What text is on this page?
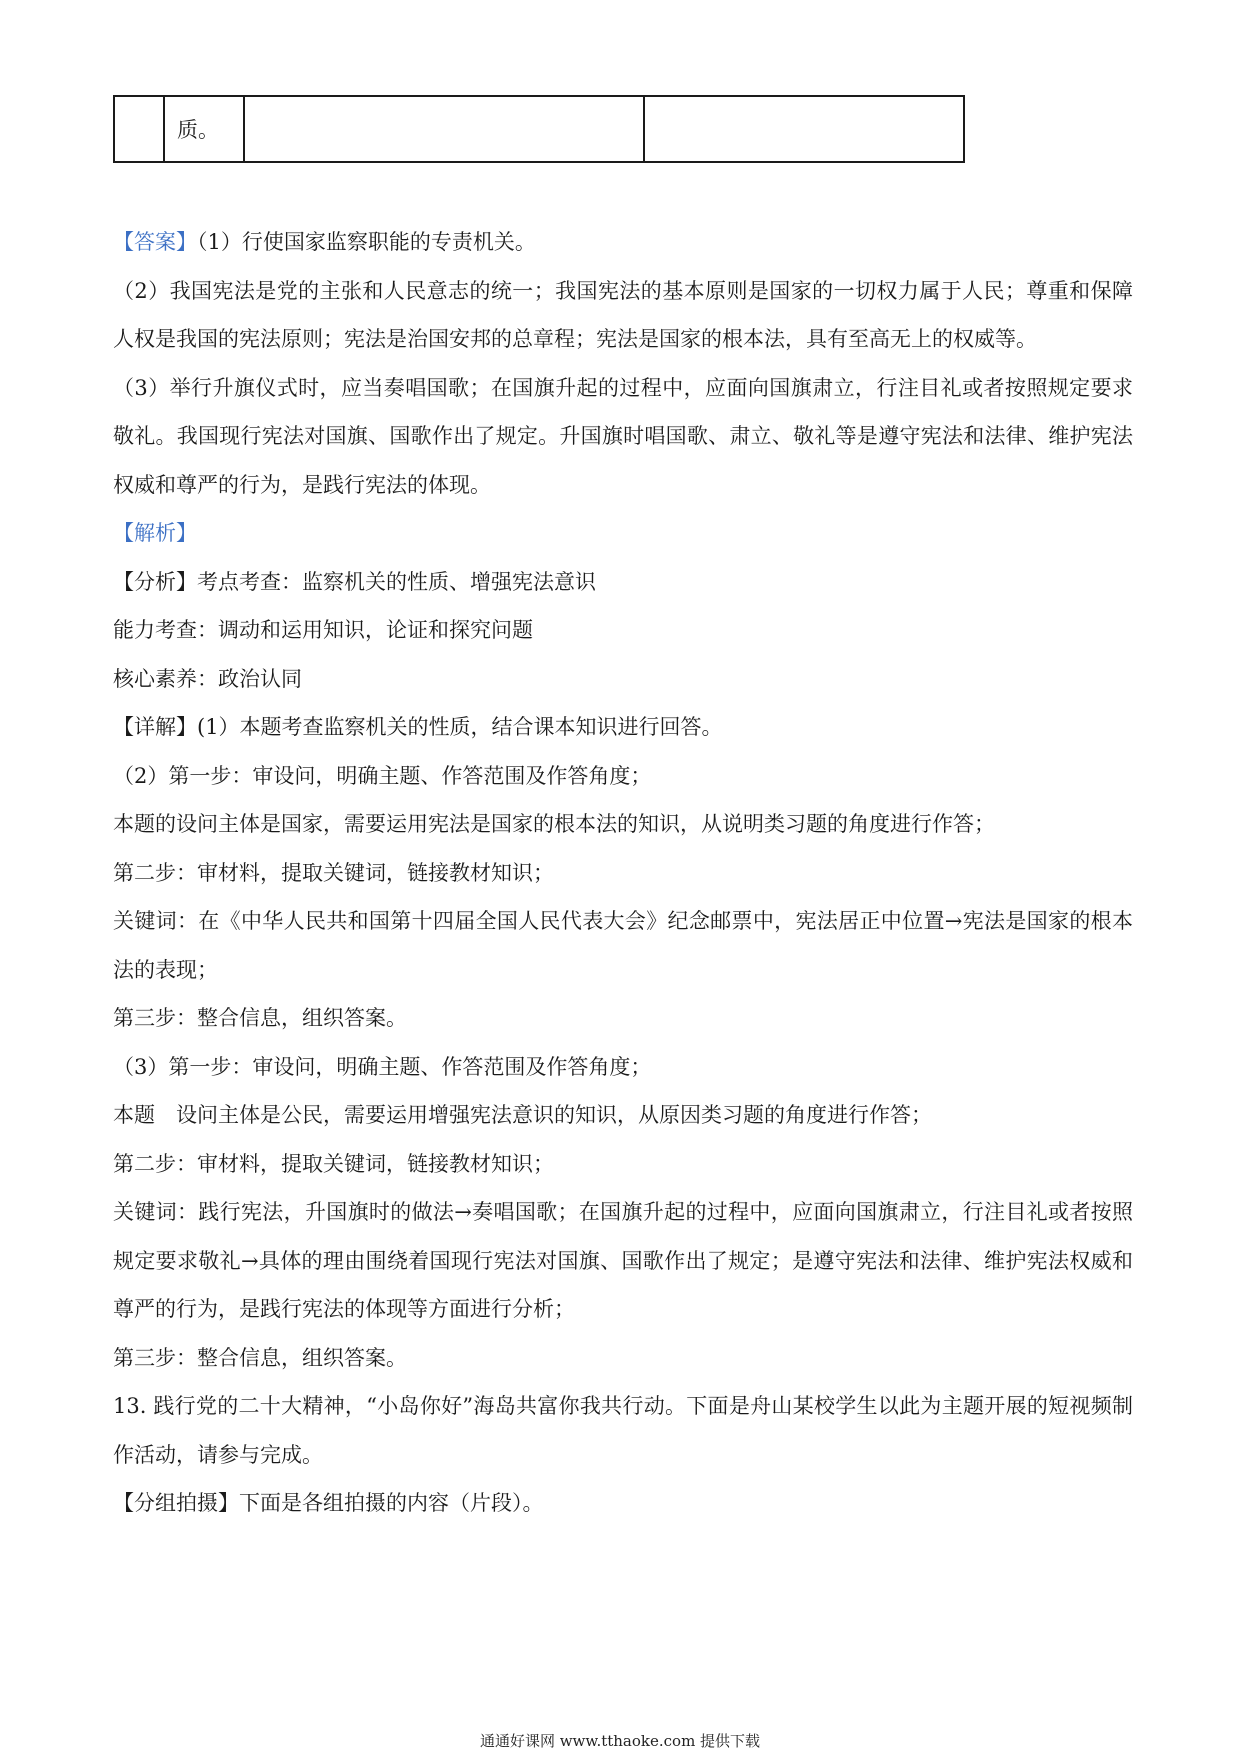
	质。		

【答案】（1）行使国家监察职能的专责机关。

（2）我国宪法是党的主张和人民意志的统一；我国宪法的基本原则是国家的一切权力属于人民；尊重和保障人权是我国的宪法原则；宪法是治国安邦的总章程；宪法是国家的根本法，具有至高无上的权威等。

（3）举行升旗仪式时，应当奏唱国歌；在国旗升起的过程中，应面向国旗肃立，行注目礼或者按照规定要求敬礼。我国现行宪法对国旗、国歌作出了规定。升国旗时唱国歌、肃立、敬礼等是遵守宪法和法律、维护宪法权威和尊严的行为，是践行宪法的体现。

【解析】

【分析】考点考查：监察机关的性质、增强宪法意识

能力考查：调动和运用知识，论证和探究问题

核心素养：政治认同

【详解】(1）本题考查监察机关的性质，结合课本知识进行回答。

（2）第一步：审设问，明确主题、作答范围及作答角度；

本题的设问主体是国家，需要运用宪法是国家的根本法的知识，从说明类习题的角度进行作答；

第二步：审材料，提取关键词，链接教材知识；

关键词：在《中华人民共和国第十四届全国人民代表大会》纪念邮票中，宪法居正中位置→宪法是国家的根本法的表现；

第三步：整合信息，组织答案。

（3）第一步：审设问，明确主题、作答范围及作答角度；

本题　设问主体是公民，需要运用增强宪法意识的知识，从原因类习题的角度进行作答；

第二步：审材料，提取关键词，链接教材知识；

关键词：践行宪法，升国旗时的做法→奏唱国歌；在国旗升起的过程中，应面向国旗肃立，行注目礼或者按照规定要求敬礼→具体的理由围绕着国现行宪法对国旗、国歌作出了规定；是遵守宪法和法律、维护宪法权威和尊严的行为，是践行宪法的体现等方面进行分析；

第三步：整合信息，组织答案。

13. 践行党的二十大精神，“小岛你好”海岛共富你我共行动。下面是舟山某校学生以此为主题开展的短视频制作活动，请参与完成。

【分组拍摄】下面是各组拍摄的内容（片段）。

通通好课网 www.tthaoke.com 提供下载
